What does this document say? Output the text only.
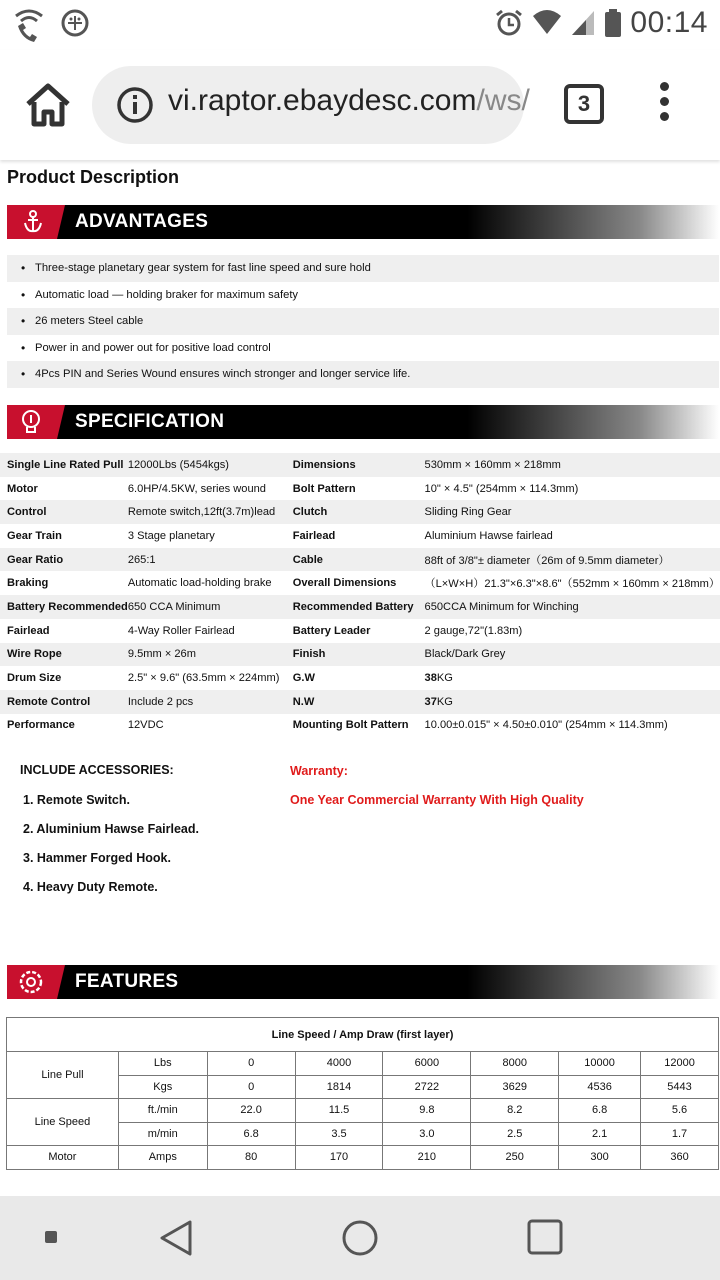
00:14
vi.raptor.ebaydesc.com/ws/	3
Product Description
ADVANTAGES
• Three-stage planetary gear system for fast line speed and sure hold
• Automatic load — holding braker for maximum safety
• 26 meters Steel cable
• Power in and power out for positive load control
• 4Pcs PIN and Series Wound ensures winch stronger and longer service life.
SPECIFICATION
Single Line Rated Pull	12000Lbs (5454kgs)	Dimensions	530mm × 160mm × 218mm
Motor	6.0HP/4.5KW, series wound	Bolt Pattern	10" × 4.5" (254mm × 114.3mm)
Control	Remote switch,12ft(3.7m)lead	Clutch	Sliding Ring Gear
Gear Train	3 Stage planetary	Fairlead	Aluminium Hawse fairlead
Gear Ratio	265:1	Cable	88ft of 3/8"± diameter（26m of 9.5mm diameter）
Braking	Automatic load-holding brake	Overall Dimensions	（L×W×H）21.3"×6.3"×8.6"（552mm × 160mm × 218mm）
Battery Recommended	650 CCA Minimum	Recommended Battery	650CCA Minimum for Winching
Fairlead	4-Way Roller Fairlead	Battery Leader	2 gauge,72"(1.83m)
Wire Rope	9.5mm × 26m	Finish	Black/Dark Grey
Drum Size	2.5" × 9.6" (63.5mm × 224mm)	G.W	38KG
Remote Control	Include 2 pcs	N.W	37KG
Performance	12VDC	Mounting Bolt Pattern	10.00±0.015" × 4.50±0.010" (254mm × 114.3mm)
INCLUDE ACCESSORIES:
1. Remote Switch.
2. Aluminium Hawse Fairlead.
3. Hammer Forged Hook.
4. Heavy Duty Remote.
Warranty:
One Year Commercial Warranty With High Quality
FEATURES
Line Speed / Amp Draw (first layer)							
Line Pull	Lbs	0	4000	6000	8000	10000	12000
	Kgs	0	1814	2722	3629	4536	5443
Line Speed	ft./min	22.0	11.5	9.8	8.2	6.8	5.6
	m/min	6.8	3.5	3.0	2.5	2.1	1.7
Motor	Amps	80	170	210	250	300	360
